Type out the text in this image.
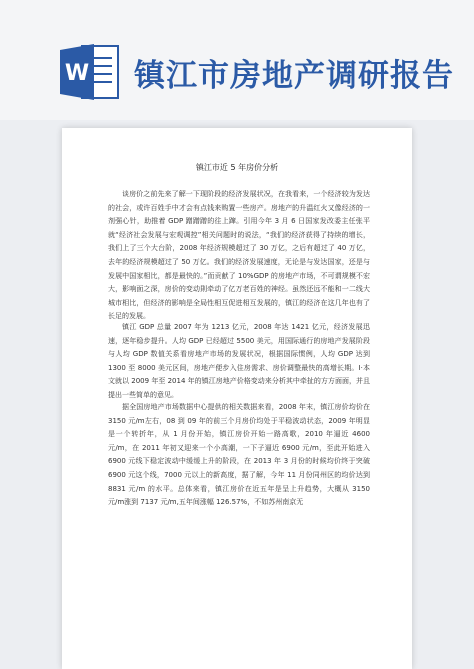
W 镇江市房地产调研报告
镇江市近 5 年房价分析

谈房价之前先来了解一下现阶段的经济发展状况，在我看来，一个经济较为发达的社会，或许百姓手中才会有点钱来购置一些房产。房地产的升温红火又像经济的一剂强心针，助推着 GDP 蹭蹭蹭的往上蹿。引用今年 3 月 6 日国家发改委主任张平就“经济社会发展与宏观调控”相关问题时的说法，“我们的经济获得了持续的增长，我们上了三个大台阶，2008 年经济规模超过了 30 万亿，之后有超过了 40 万亿，去年的经济规模超过了 50 万亿。我们的经济发展速度，无论是与发达国家，还是与发展中国家相比，都是最快的。”而贡献了 10%GDP 的房地产市场，不可谓规模不宏大，影响面之深，房价的变动則牵动了亿万老百姓的神经。虽然还远不能和一二线大城市相比，但经济的影响是全局性相互促进相互发展的，镇江的经济在这几年也有了长足的发展。

镇江 GDP 总量 2007 年为 1213 亿元，2008 年达 1421 亿元，经济发展迅速，逐年稳步提升。人均 GDP 已经超过 5500 美元，用国际通行的房地产发展阶段与人均 GDP 数值关系看房地产市场的发展状况，根据国际惯例，人均 GDP 达到 1300 至 8000 美元区间，房地产便步入住房需求、房价调整最快的高增长期。I·本文就以 2009 年至 2014 年的镇江房地产价格变动来分析其中牵扯的方方面面，并且提出一些简单的意见。

据全国房地产市场数据中心提供的相关数据来看，2008 年末，镇江房价均价在 3150 元/m左右，08 到 09 年的前三个月房价均处于平稳波动状态，2009 年明显是一个转折年，从 1 月份开始，镇江房价开始一路高歌，2010 年逼近 4600 元/m，在 2011 年初又迎来一个小高潮，一下子逼近 6900 元/m，至此开始进入 6900 元线下稳定波动中缓缓上升的阶段，在 2013 年 3 月份的时候均价终于突破 6900 元这个线，7000 元以上的新高度，据了解，今年 11 月份同州区的均价达到 8831 元/m 的水平。总体来看，镇江房价在近五年是呈上升趋势，大概从 3150 元/m涨到 7137 元/m,五年间涨幅 126.57%，不如苏州南京无
